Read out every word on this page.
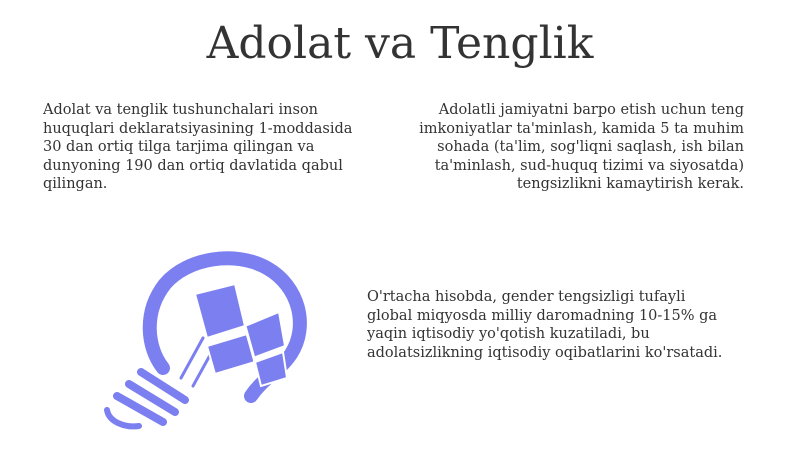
Adolat va Tenglik

Adolat va tenglik tushunchalari inson huquqlari deklaratsiyasining 1-moddasida 30 dan ortiq tilga tarjima qilingan va dunyoning 190 dan ortiq davlatida qabul qilingan.

Adolatli jamiyatni barpo etish uchun teng imkoniyatlar ta'minlash, kamida 5 ta muhim sohada (ta'lim, sog'liqni saqlash, ish bilan ta'minlash, sud-huquq tizimi va siyosatda) tengsizlikni kamaytirish kerak.

O'rtacha hisobda, gender tengsizligi tufayli global miqyosda milliy daromadning 10-15% ga yaqin iqtisodiy yo'qotish kuzatiladi, bu adolatsizlikning iqtisodiy oqibatlarini ko'rsatadi.
